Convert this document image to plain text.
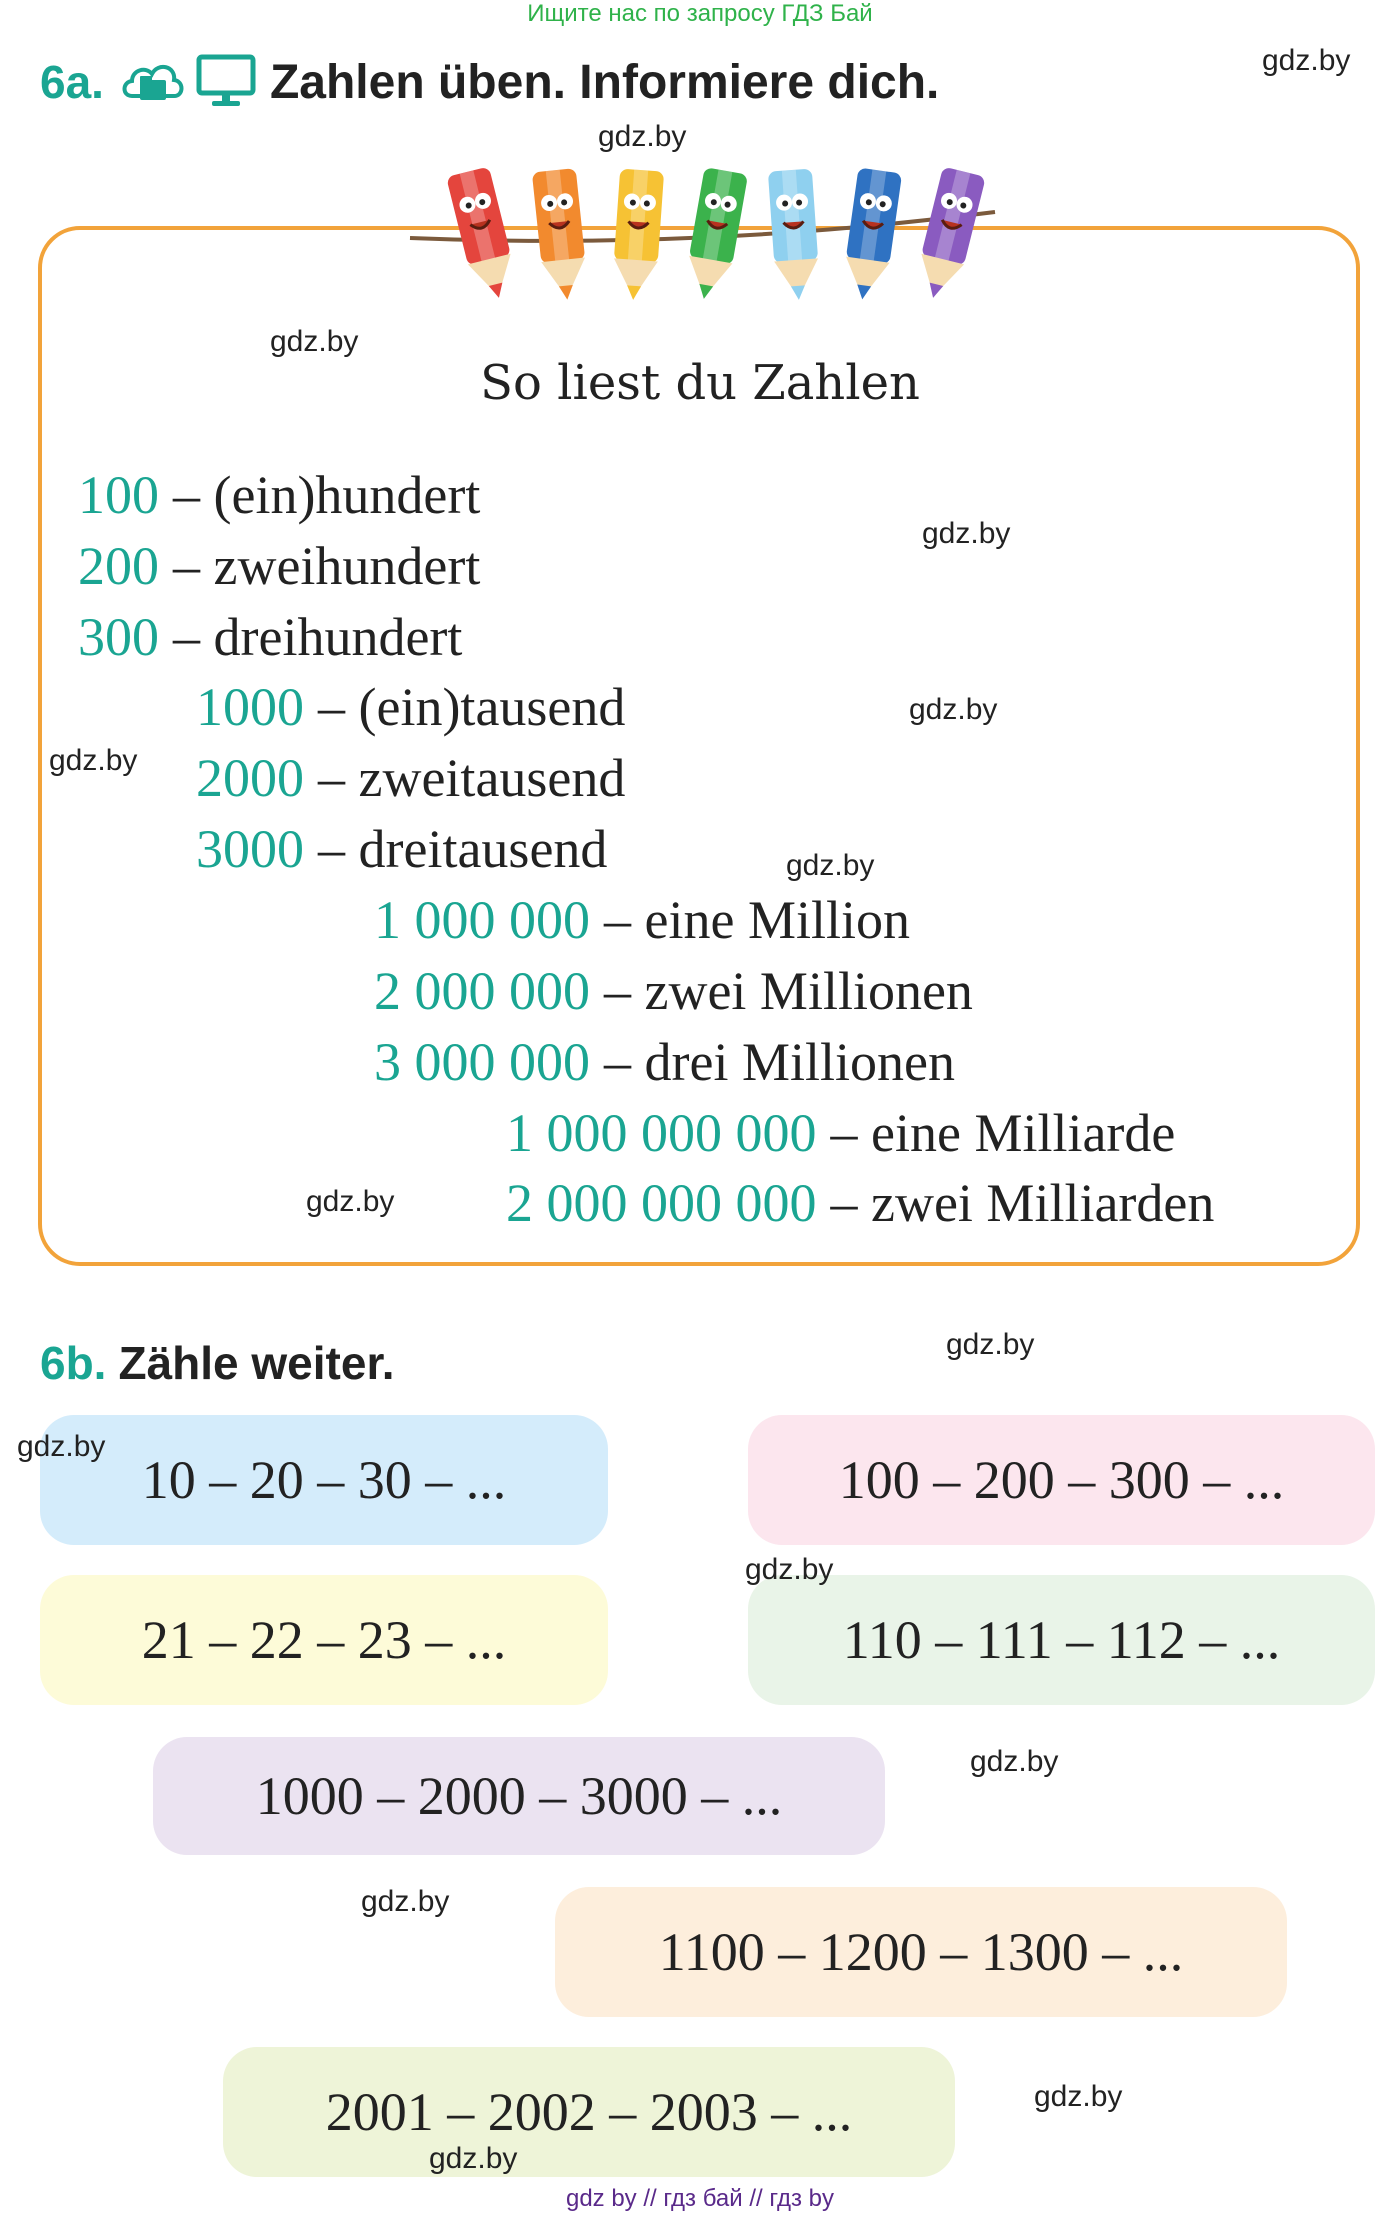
Ищите нас по запросу ГДЗ Бай
6a.	Zahlen üben. Informiere dich.
So liest du Zahlen
100 – (ein)hundert
200 – zweihundert
300 – dreihundert
1000 – (ein)tausend
2000 – zweitausend
3000 – dreitausend
1 000 000 – eine Million
2 000 000 – zwei Millionen
3 000 000 – drei Millionen
1 000 000 000 – eine Milliarde
2 000 000 000 – zwei Milliarden
6b. Zähle weiter.
10 – 20 – 30 – ...	100 – 200 – 300 – ...
21 – 22 – 23 – ...	110 – 111 – 112 – ...
1000 – 2000 – 3000 – ...
1100 – 1200 – 1300 – ...
2001 – 2002 – 2003 – ...
gdz.by
gdz.by
gdz.by
gdz.by
gdz.by
gdz.by
gdz.by
gdz.by
gdz.by
gdz.by
gdz.by
gdz.by
gdz.by
gdz.by
gdz.by
gdz by // гдз бай // гдз by
